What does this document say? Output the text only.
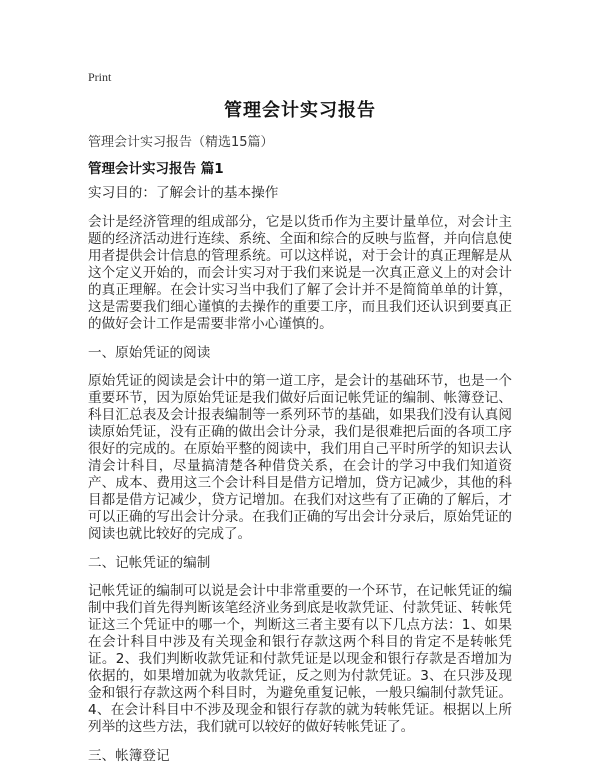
Print
管理会计实习报告
管理会计实习报告（精选15篇）
管理会计实习报告 篇1

实习目的：了解会计的基本操作

会计是经济管理的组成部分，它是以货币作为主要计量单位，对会计主题的经济活动进行连续、系统、全面和综合的反映与监督，并向信息使用者提供会计信息的管理系统。可以这样说，对于会计的真正理解是从这个定义开始的，而会计实习对于我们来说是一次真正意义上的对会计的真正理解。在会计实习当中我们了解了会计并不是简简单单的计算，这是需要我们细心谨慎的去操作的重要工序，而且我们还认识到要真正的做好会计工作是需要非常小心谨慎的。

一、原始凭证的阅读

原始凭证的阅读是会计中的第一道工序，是会计的基础环节，也是一个重要环节，因为原始凭证是我们做好后面记帐凭证的编制、帐簿登记、科目汇总表及会计报表编制等一系列环节的基础，如果我们没有认真阅读原始凭证，没有正确的做出会计分录，我们是很难把后面的各项工序很好的完成的。在原始平整的阅读中，我们用自己平时所学的知识去认清会计科目，尽量搞清楚各种借贷关系，在会计的学习中我们知道资产、成本、费用这三个会计科目是借方记增加，贷方记减少，其他的科目都是借方记减少，贷方记增加。在我们对这些有了正确的了解后，才可以正确的写出会计分录。在我们正确的写出会计分录后，原始凭证的阅读也就比较好的完成了。

二、记帐凭证的编制

记帐凭证的编制可以说是会计中非常重要的一个环节，在记帐凭证的编制中我们首先得判断该笔经济业务到底是收款凭证、付款凭证、转帐凭证这三个凭证中的哪一个，判断这三者主要有以下几点方法：1、如果在会计科目中涉及有关现金和银行存款这两个科目的肯定不是转帐凭证。2、我们判断收款凭证和付款凭证是以现金和银行存款是否增加为依据的，如果增加就为收款凭证，反之则为付款凭证。3、在只涉及现金和银行存款这两个科目时，为避免重复记帐，一般只编制付款凭证。4、在会计科目中不涉及现金和银行存款的就为转帐凭证。根据以上所列举的这些方法，我们就可以较好的做好转帐凭证了。

三、帐簿登记
